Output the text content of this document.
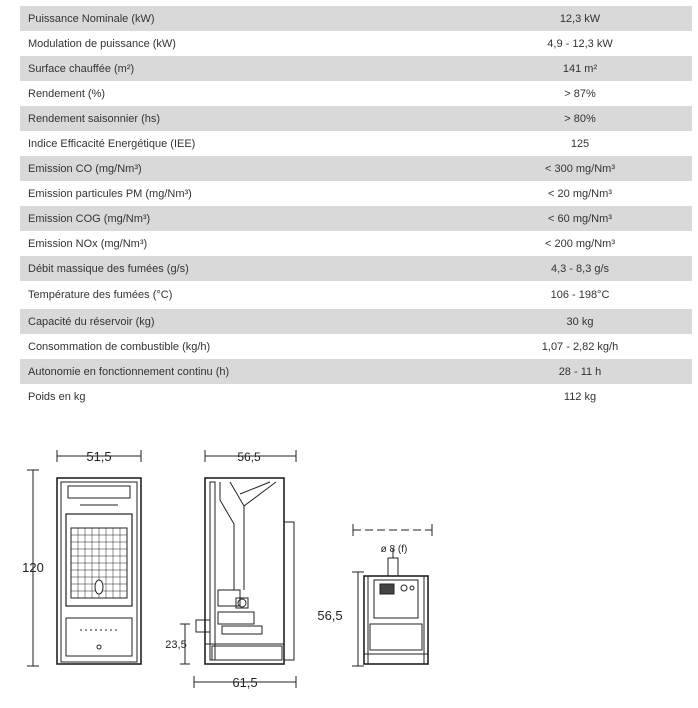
Puissance Nominale (kW)	12,3 kW
Modulation de puissance (kW)	4,9 - 12,3 kW
Surface chauffée (m²)	141 m²
Rendement (%)	> 87%
Rendement saisonnier (hs)	> 80%
Indice Efficacité Energétique (IEE)	125
Emission CO (mg/Nm³)	< 300 mg/Nm³
Emission particules PM (mg/Nm³)	< 20 mg/Nm³
Emission COG (mg/Nm³)	< 60 mg/Nm³
Emission NOx (mg/Nm³)	< 200 mg/Nm³
Débit massique des fumées (g/s)	4,3 - 8,3 g/s
Température des fumées (°C)	106 - 198°C
Capacité du réservoir (kg)	30 kg
Consommation de combustible (kg/h)	1,07 - 2,82 kg/h
Autonomie en fonctionnement continu (h)	28 - 11 h
Poids en kg	112 kg
51,5
120
56,5
61,5
23,5
56,5
ø 8 (f)
